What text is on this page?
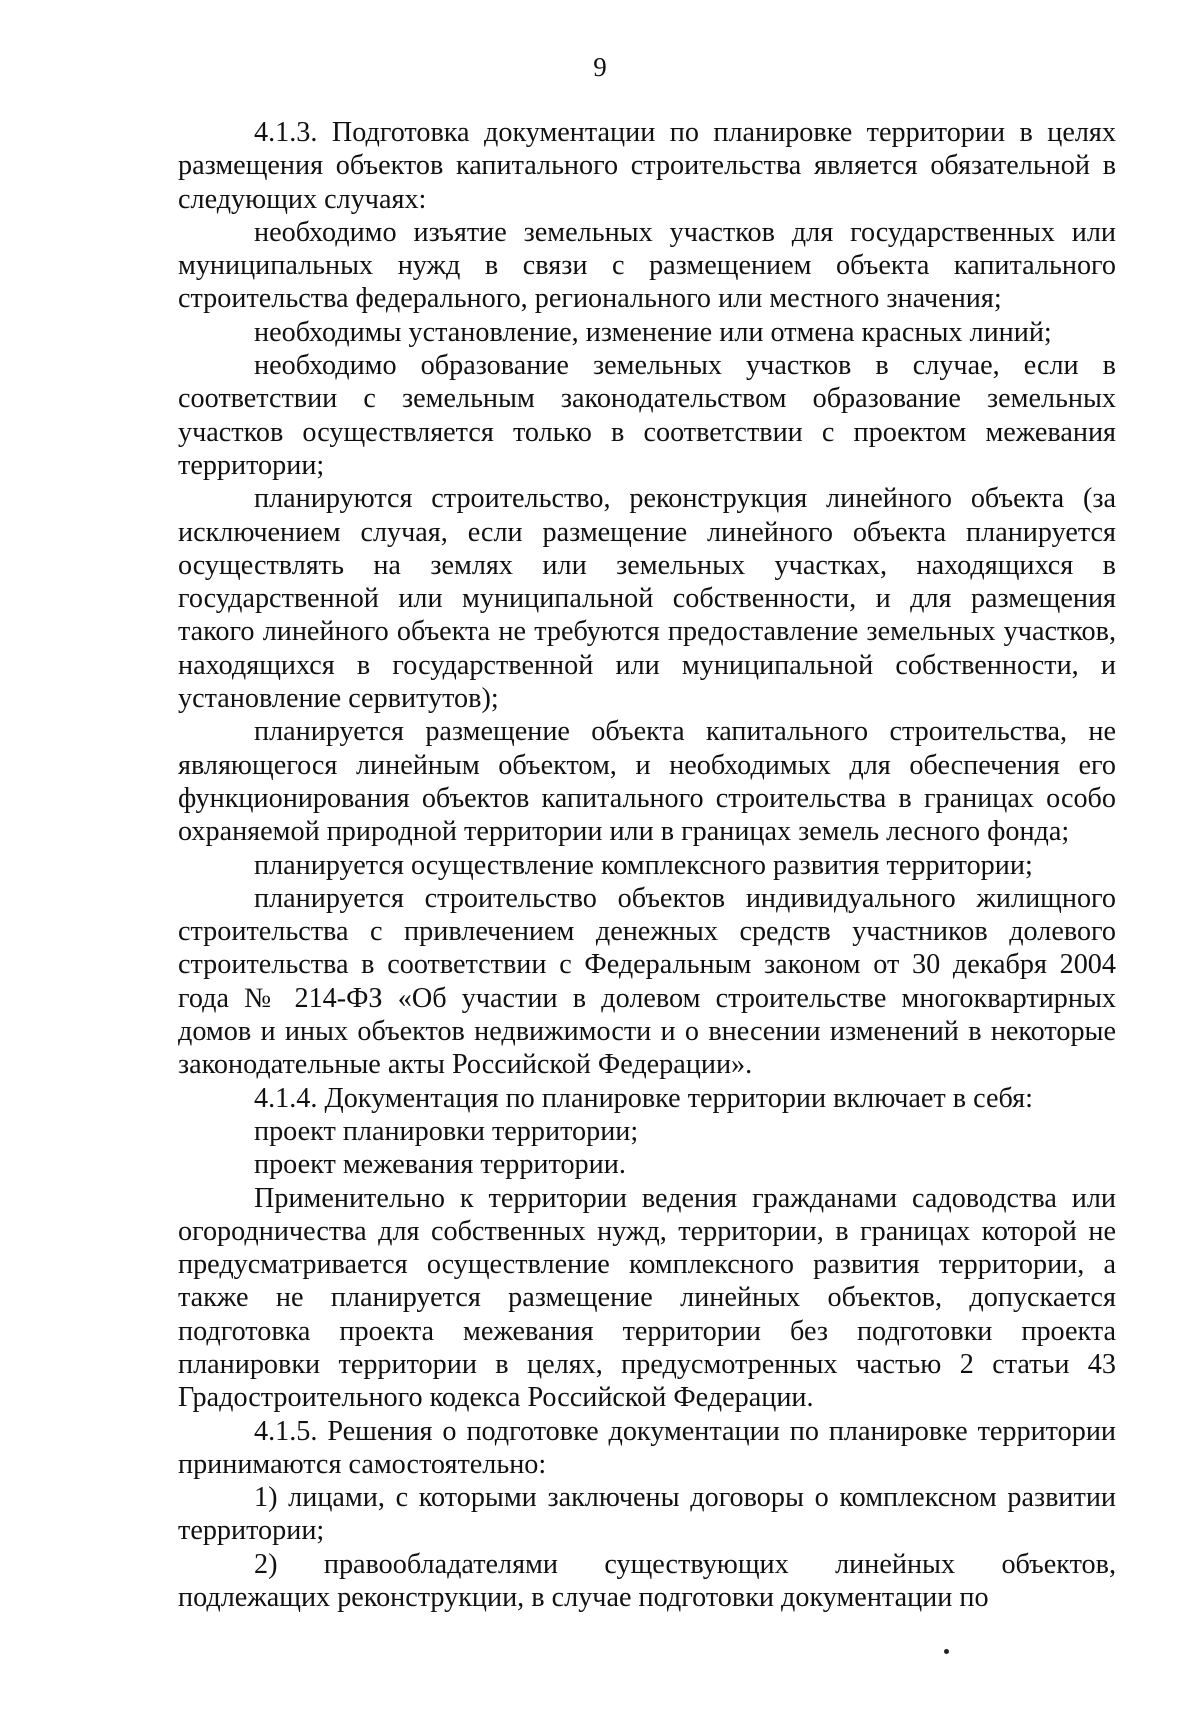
9

4.1.3. Подготовка документации по планировке территории в целях размещения объектов капитального строительства является обязательной в следующих случаях:

необходимо изъятие земельных участков для государственных или муниципальных нужд в связи с размещением объекта капитального строительства федерального, регионального или местного значения;

необходимы установление, изменение или отмена красных линий;

необходимо образование земельных участков в случае, если в соответствии с земельным законодательством образование земельных участков осуществляется только в соответствии с проектом межевания территории;

планируются строительство, реконструкция линейного объекта (за исключением случая, если размещение линейного объекта планируется осуществлять на землях или земельных участках, находящихся в государственной или муниципальной собственности, и для размещения такого линейного объекта не требуются предоставление земельных участков, находящихся в государственной или муниципальной собственности, и установление сервитутов);

планируется размещение объекта капитального строительства, не являющегося линейным объектом, и необходимых для обеспечения его функционирования объектов капитального строительства в границах особо охраняемой природной территории или в границах земель лесного фонда;

планируется осуществление комплексного развития территории;

планируется строительство объектов индивидуального жилищного строительства с привлечением денежных средств участников долевого строительства в соответствии с Федеральным законом от 30 декабря 2004 года № 214-ФЗ «Об участии в долевом строительстве многоквартирных домов и иных объектов недвижимости и о внесении изменений в некоторые законодательные акты Российской Федерации».

4.1.4. Документация по планировке территории включает в себя:

проект планировки территории;

проект межевания территории.

Применительно к территории ведения гражданами садоводства или огородничества для собственных нужд, территории, в границах которой не предусматривается осуществление комплексного развития территории, а также не планируется размещение линейных объектов, допускается подготовка проекта межевания территории без подготовки проекта планировки территории в целях, предусмотренных частью 2 статьи 43 Градостроительного кодекса Российской Федерации.

4.1.5. Решения о подготовке документации по планировке территории принимаются самостоятельно:

1) лицами, с которыми заключены договоры о комплексном развитии территории;

2) правообладателями существующих линейных объектов, подлежащих реконструкции, в случае подготовки документации по
